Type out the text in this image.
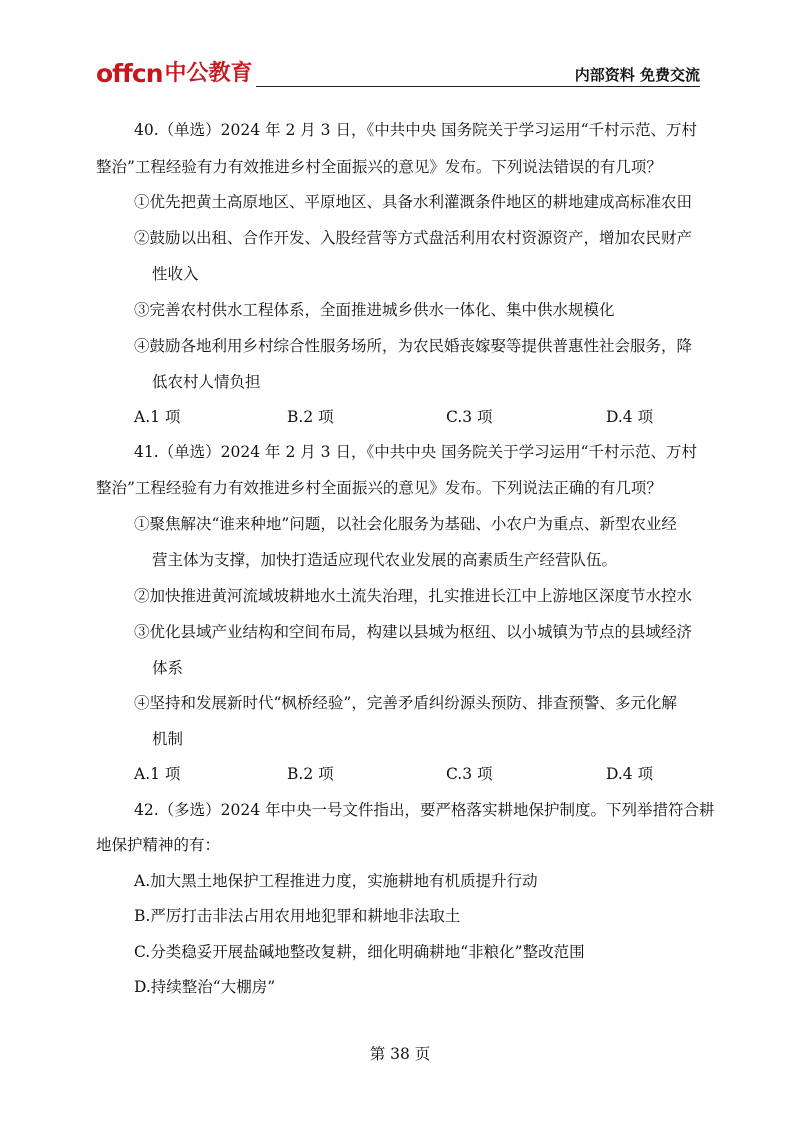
offcn 中公教育	内部资料 免费交流
40.（单选）2024 年 2 月 3 日，《中共中央 国务院关于学习运用“千村示范、万村
整治”工程经验有力有效推进乡村全面振兴的意见》发布。下列说法错误的有几项？
①优先把黄土高原地区、平原地区、具备水利灌溉条件地区的耕地建成高标准农田
②鼓励以出租、合作开发、入股经营等方式盘活利用农村资源资产，增加农民财产
性收入
③完善农村供水工程体系，全面推进城乡供水一体化、集中供水规模化
④鼓励各地利用乡村综合性服务场所，为农民婚丧嫁娶等提供普惠性社会服务，降
低农村人情负担
A.1 项	B.2 项	C.3 项	D.4 项
41.（单选）2024 年 2 月 3 日，《中共中央 国务院关于学习运用“千村示范、万村
整治”工程经验有力有效推进乡村全面振兴的意见》发布。下列说法正确的有几项？
①聚焦解决“谁来种地”问题，以社会化服务为基础、小农户为重点、新型农业经
营主体为支撑，加快打造适应现代农业发展的高素质生产经营队伍。
②加快推进黄河流域坡耕地水土流失治理，扎实推进长江中上游地区深度节水控水
③优化县域产业结构和空间布局，构建以县城为枢纽、以小城镇为节点的县域经济
体系
④坚持和发展新时代“枫桥经验”，完善矛盾纠纷源头预防、排查预警、多元化解
机制
A.1 项	B.2 项	C.3 项	D.4 项
42.（多选）2024 年中央一号文件指出，要严格落实耕地保护制度。下列举措符合耕
地保护精神的有：
A.加大黑土地保护工程推进力度，实施耕地有机质提升行动
B.严厉打击非法占用农用地犯罪和耕地非法取土
C.分类稳妥开展盐碱地整改复耕，细化明确耕地“非粮化”整改范围
D.持续整治“大棚房”
第 38 页
